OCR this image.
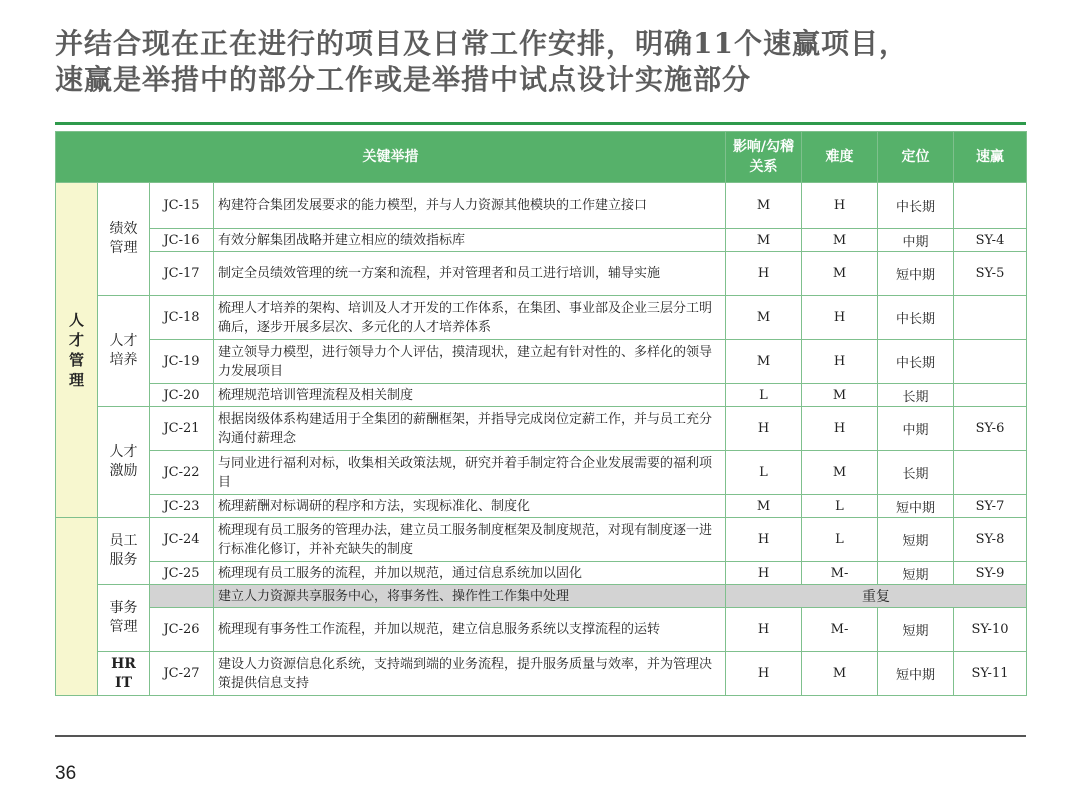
并结合现在正在进行的项目及日常工作安排，明确11个速赢项目，
速赢是举措中的部分工作或是举措中试点设计实施部分
关键举措				影响/勾稽关系	难度	定位	速赢
人才管理	绩效管理	JC-15	构建符合集团发展要求的能力模型，并与人力资源其他模块的工作建立接口	M	H	中长期	
		JC-16	有效分解集团战略并建立相应的绩效指标库	M	M	中期	SY-4
		JC-17	制定全员绩效管理的统一方案和流程，并对管理者和员工进行培训，辅导实施	H	M	短中期	SY-5
	人才培养	JC-18	梳理人才培养的架构、培训及人才开发的工作体系，在集团、事业部及企业三层分工明确后，逐步开展多层次、多元化的人才培养体系	M	H	中长期	
		JC-19	建立领导力模型，进行领导力个人评估，摸清现状，建立起有针对性的、多样化的领导力发展项目	M	H	中长期	
		JC-20	梳理规范培训管理流程及相关制度	L	M	长期	
	人才激励	JC-21	根据岗级体系构建适用于全集团的薪酬框架，并指导完成岗位定薪工作，并与员工充分沟通付薪理念	H	H	中期	SY-6
		JC-22	与同业进行福利对标，收集相关政策法规，研究并着手制定符合企业发展需要的福利项目	L	M	长期	
		JC-23	梳理薪酬对标调研的程序和方法，实现标准化、制度化	M	L	短中期	SY-7
	员工服务	JC-24	梳理现有员工服务的管理办法，建立员工服务制度框架及制度规范，对现有制度逐一进行标准化修订，并补充缺失的制度	H	L	短期	SY-8
		JC-25	梳理现有员工服务的流程，并加以规范，通过信息系统加以固化	H	M-	短期	SY-9
	事务管理		建立人力资源共享服务中心，将事务性、操作性工作集中处理	重复			
		JC-26	梳理现有事务性工作流程，并加以规范，建立信息服务系统以支撑流程的运转	H	M-	短期	SY-10
	HR IT	JC-27	建设人力资源信息化系统，支持端到端的业务流程，提升服务质量与效率，并为管理决策提供信息支持	H	M	短中期	SY-11
36
